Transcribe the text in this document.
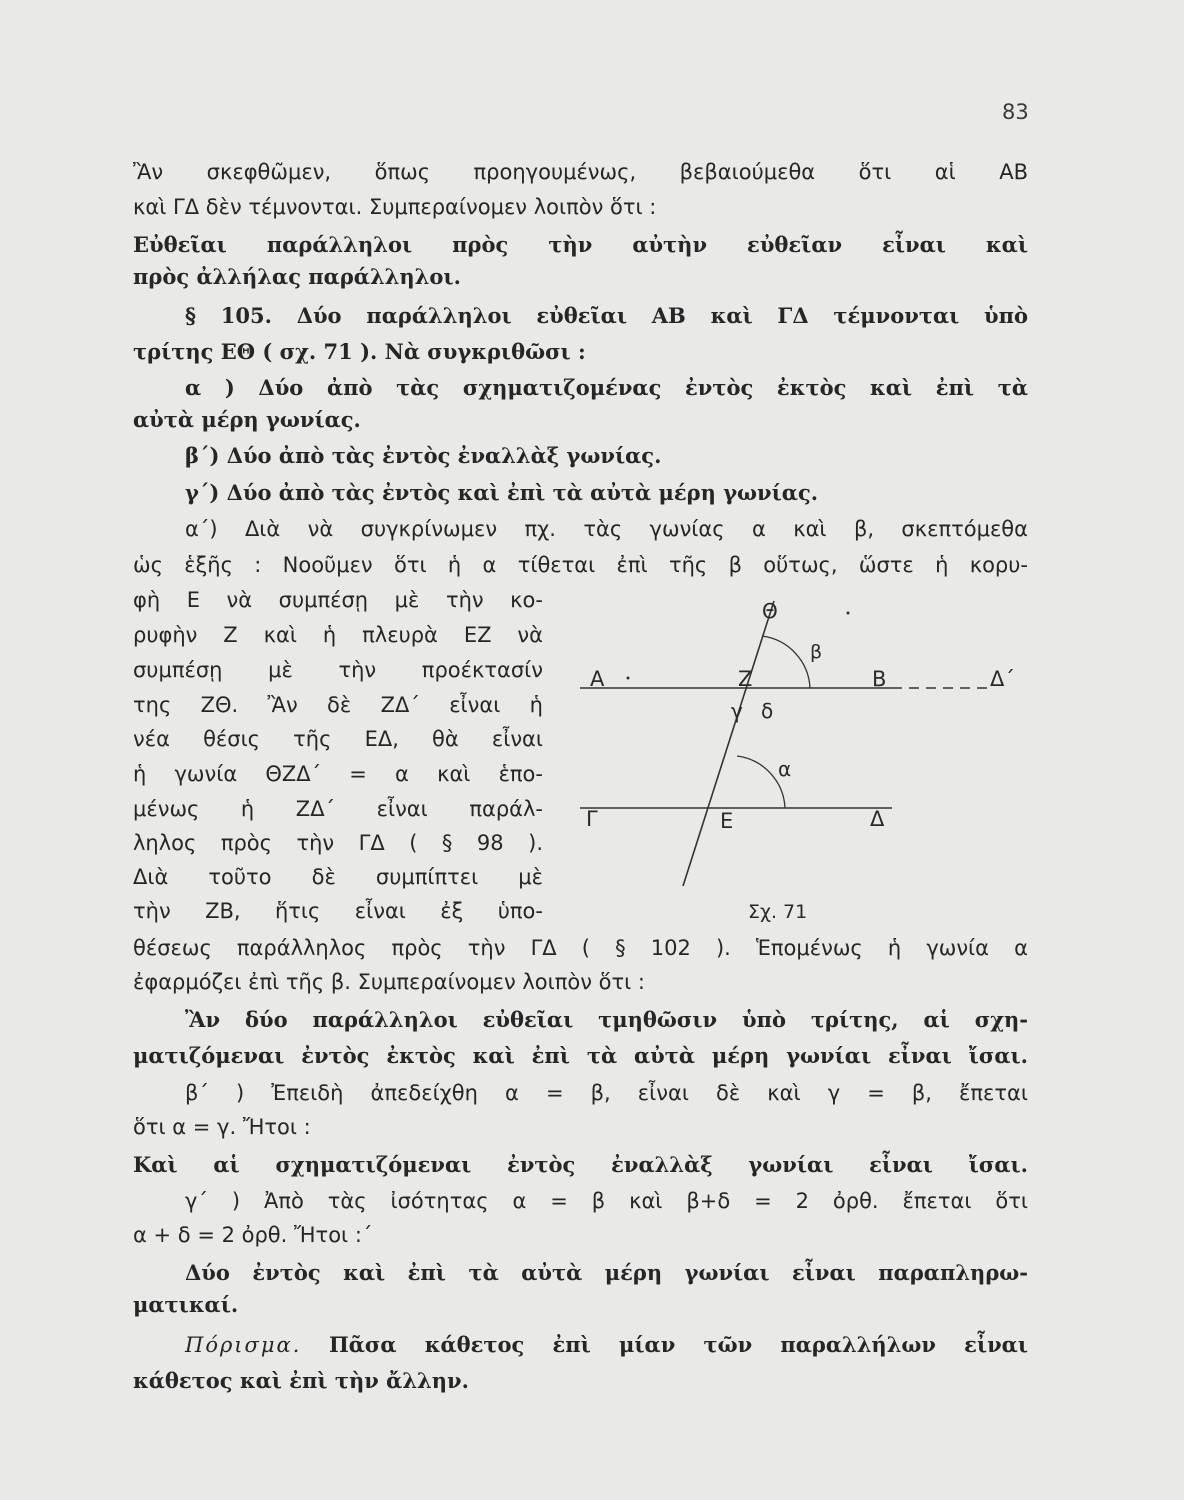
83
Ἂν σκεφθῶμεν, ὅπως προηγουμένως, βεβαιούμεθα ὅτι αἱ ΑΒ
καὶ ΓΔ δὲν τέμνονται. Συμπεραίνομεν λοιπὸν ὅτι :
Εὐθεῖαι παράλληλοι πρὸς τὴν αὐτὴν εὐθεῖαν εἶναι καὶ
πρὸς ἀλλήλας παράλληλοι.
§ 105. Δύο παράλληλοι εὐθεῖαι ΑΒ καὶ ΓΔ τέμνονται ὑπὸ
τρίτης ΕΘ ( σχ. 71 ). Νὰ συγκριθῶσι :
α ) Δύο ἀπὸ τὰς σχηματιζομένας ἐντὸς ἐκτὸς καὶ ἐπὶ τὰ
αὐτὰ μέρη γωνίας.
β΄) Δύο ἀπὸ τὰς ἐντὸς ἐναλλὰξ γωνίας.
γ΄) Δύο ἀπὸ τὰς ἐντὸς καὶ ἐπὶ τὰ αὐτὰ μέρη γωνίας.
α΄) Διὰ νὰ συγκρίνωμεν πχ. τὰς γωνίας α καὶ β, σκεπτόμεθα
ὡς ἑξῆς : Νοοῦμεν ὅτι ἡ α τίθεται ἐπὶ τῆς β οὕτως, ὥστε ἡ κορυ-
φὴ Ε νὰ συμπέσῃ μὲ τὴν κο-
ρυφὴν Ζ καὶ ἡ πλευρὰ ΕΖ νὰ
συμπέσῃ μὲ τὴν προέκτασίν
της ΖΘ. Ἂν δὲ ΖΔ΄ εἶναι ἡ
νέα θέσις τῆς ΕΔ, θὰ εἶναι
ἡ γωνία ΘΖΔ΄ = α καὶ ἑπο-
μένως ἡ ΖΔ΄ εἶναι παράλ-
ληλος πρὸς τὴν ΓΔ ( § 98 ).
Διὰ τοῦτο δὲ συμπίπτει μὲ
τὴν ΖΒ, ἥτις εἶναι ἐξ ὑπο-
θέσεως παράλληλος πρὸς τὴν ΓΔ ( § 102 ). Ἑπομένως ἡ γωνία α
ἐφαρμόζει ἐπὶ τῆς β. Συμπεραίνομεν λοιπὸν ὅτι :
Ἂν δύο παράλληλοι εὐθεῖαι τμηθῶσιν ὑπὸ τρίτης, αἱ σχη-
ματιζόμεναι ἐντὸς ἐκτὸς καὶ ἐπὶ τὰ αὐτὰ μέρη γωνίαι εἶναι ἴσαι.
β΄ ) Ἐπειδὴ ἀπεδείχθη α = β, εἶναι δὲ καὶ γ = β, ἔπεται
ὅτι α = γ. Ἤτοι :
Καὶ αἱ σχηματιζόμεναι ἐντὸς ἐναλλὰξ γωνίαι εἶναι ἴσαι.
γ΄ ) Ἀπὸ τὰς ἰσότητας α = β καὶ β+δ = 2 ὀρθ. ἔπεται ὅτι
α + δ = 2 ὀρθ. Ἤτοι :΄
Δύο ἐντὸς καὶ ἐπὶ τὰ αὐτὰ μέρη γωνίαι εἶναι παραπληρω-
ματικαί.
Πόρισμα. Πᾶσα κάθετος ἐπὶ μίαν τῶν παραλλήλων εἶναι
κάθετος καὶ ἐπὶ τὴν ἄλλην.
Θ
β
Α	Ζ	Β	Δ΄
γ δ
α
Γ	Ε	Δ
Σχ. 71
